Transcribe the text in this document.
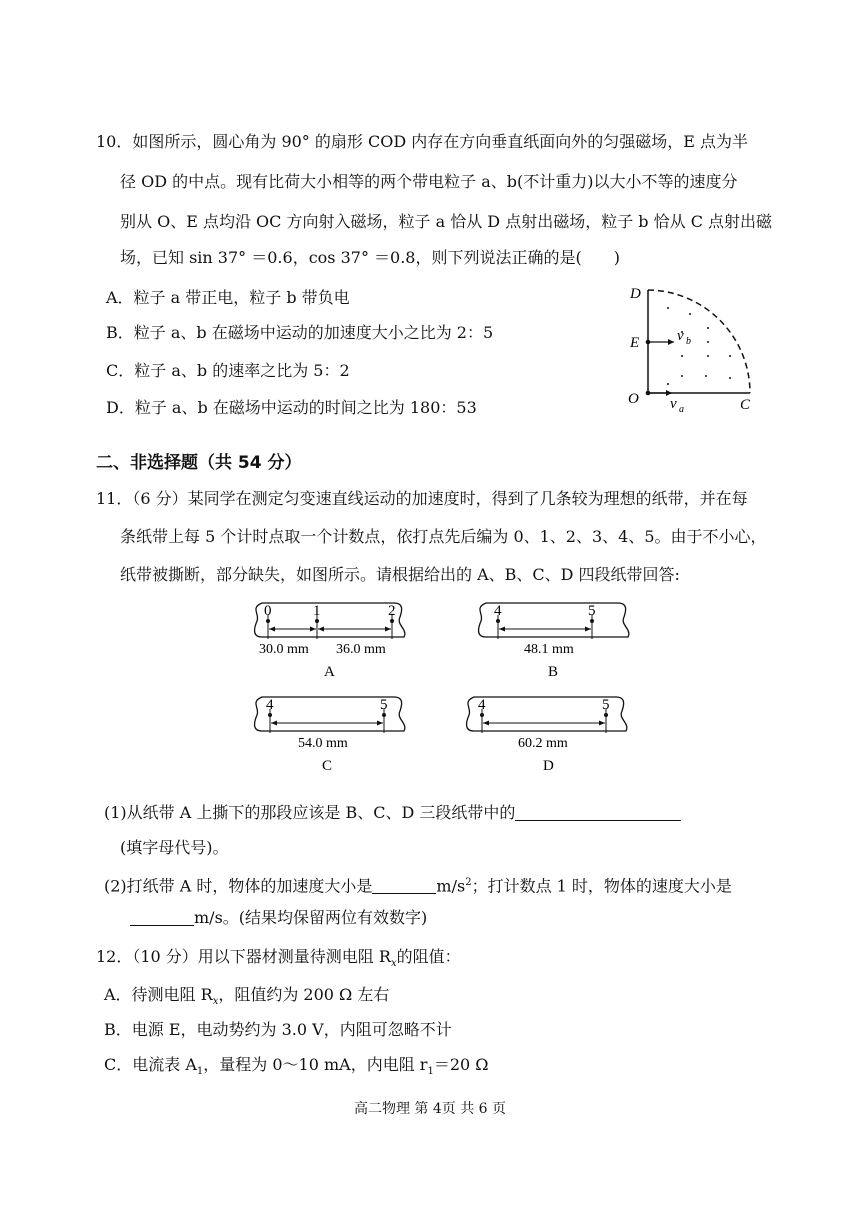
10．如图所示，圆心角为 90° 的扇形 COD 内存在方向垂直纸面向外的匀强磁场，E 点为半
径 OD 的中点。现有比荷大小相等的两个带电粒子 a、b(不计重力)以大小不等的速度分
别从 O、E 点均沿 OC 方向射入磁场，粒子 a 恰从 D 点射出磁场，粒子 b 恰从 C 点射出磁
场，已知 sin 37° ＝0.6，cos 37° ＝0.8，则下列说法正确的是(　　)
A．粒子 a 带正电，粒子 b 带负电
B．粒子 a、b 在磁场中运动的加速度大小之比为 2：5
C．粒子 a、b 的速率之比为 5：2
D．粒子 a、b 在磁场中运动的时间之比为 180：53
D
E
O	C
v b
v a
二、非选择题（共 54 分）
11．（6 分）某同学在测定匀变速直线运动的加速度时，得到了几条较为理想的纸带，并在每
条纸带上每 5 个计时点取一个计数点，依打点先后编为 0、1、2、3、4、5。由于不小心，
纸带被撕断，部分缺失，如图所示。请根据给出的 A、B、C、D 四段纸带回答:
0	1	2
30.0 mm 36.0 mm
A
4	5
48.1 mm
B
4	5
54.0 mm
C
4	5
60.2 mm
D
(1)从纸带 A 上撕下的那段应该是 B、C、D 三段纸带中的
(填字母代号)。
(2)打纸带 A 时，物体的加速度大小是	$m/s^2$；打计数点 1 时，物体的速度大小是
m/s。(结果均保留两位有效数字)
12．（10 分）用以下器材测量待测电阻 $R_x$的阻值：
A．待测电阻 $R_x$，阻值约为 200 Ω 左右
B．电源 E，电动势约为 3.0 V，内阻可忽略不计
C．电流表 $A_1$，量程为 0～10 mA，内电阻 $r_1=20$ Ω
高二物理 第 4页 共 6 页
